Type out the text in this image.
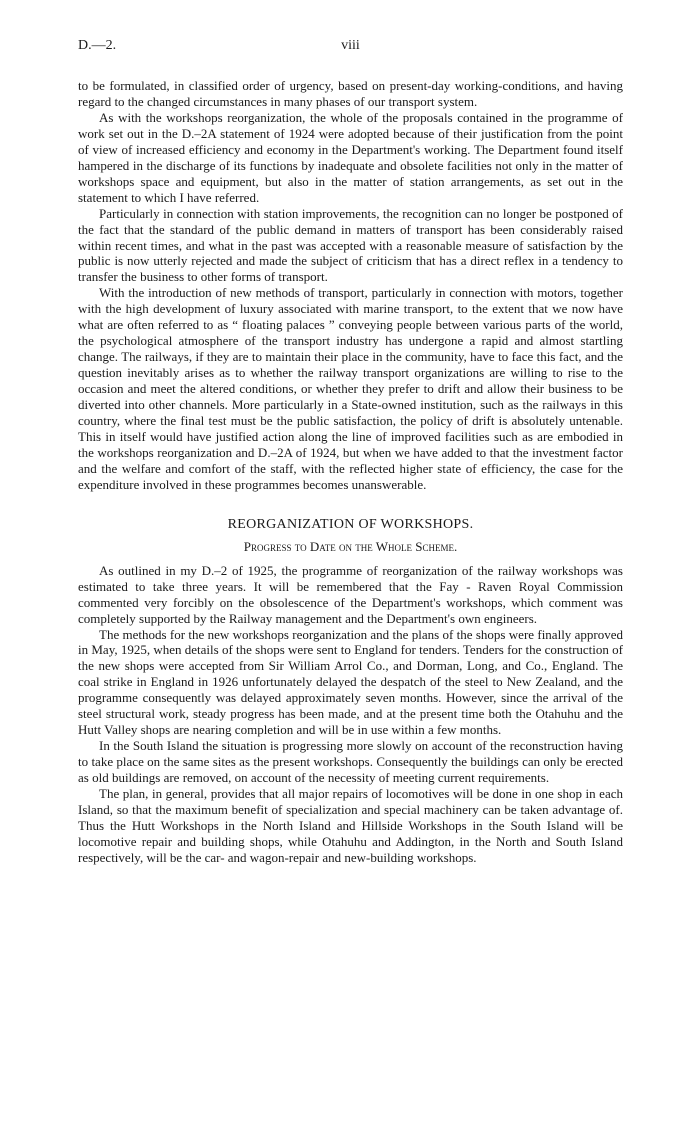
D.—2.	viii

to be formulated, in classified order of urgency, based on present-day working-conditions, and having regard to the changed circumstances in many phases of our transport system.

As with the workshops reorganization, the whole of the proposals contained in the programme of work set out in the D.–2A statement of 1924 were adopted because of their justification from the point of view of increased efficiency and economy in the Department's working. The Department found itself hampered in the discharge of its functions by inadequate and obsolete facilities not only in the matter of workshops space and equipment, but also in the matter of station arrangements, as set out in the statement to which I have referred.

Particularly in connection with station improvements, the recognition can no longer be postponed of the fact that the standard of the public demand in matters of transport has been considerably raised within recent times, and what in the past was accepted with a reasonable measure of satisfaction by the public is now utterly rejected and made the subject of criticism that has a direct reflex in a tendency to transfer the business to other forms of transport.

With the introduction of new methods of transport, particularly in connection with motors, together with the high development of luxury associated with marine transport, to the extent that we now have what are often referred to as “ floating palaces ” conveying people between various parts of the world, the psychological atmosphere of the transport industry has undergone a rapid and almost startling change. The railways, if they are to maintain their place in the community, have to face this fact, and the question inevitably arises as to whether the railway transport organizations are willing to rise to the occasion and meet the altered conditions, or whether they prefer to drift and allow their business to be diverted into other channels. More particularly in a State-owned institution, such as the railways in this country, where the final test must be the public satisfaction, the policy of drift is absolutely untenable. This in itself would have justified action along the line of improved facilities such as are embodied in the workshops reorganization and D.–2A of 1924, but when we have added to that the investment factor and the welfare and comfort of the staff, with the reflected higher state of efficiency, the case for the expenditure involved in these programmes becomes unanswerable.

REORGANIZATION OF WORKSHOPS.
Progress to Date on the Whole Scheme.

As outlined in my D.–2 of 1925, the programme of reorganization of the railway workshops was estimated to take three years. It will be remembered that the Fay - Raven Royal Commission commented very forcibly on the obsolescence of the Department's workshops, which comment was completely supported by the Railway management and the Department's own engineers.

The methods for the new workshops reorganization and the plans of the shops were finally approved in May, 1925, when details of the shops were sent to England for tenders. Tenders for the construction of the new shops were accepted from Sir William Arrol Co., and Dorman, Long, and Co., England. The coal strike in England in 1926 unfortunately delayed the despatch of the steel to New Zealand, and the programme consequently was delayed approximately seven months. However, since the arrival of the steel structural work, steady progress has been made, and at the present time both the Otahuhu and the Hutt Valley shops are nearing completion and will be in use within a few months.

In the South Island the situation is progressing more slowly on account of the reconstruction having to take place on the same sites as the present workshops. Consequently the buildings can only be erected as old buildings are removed, on account of the necessity of meeting current requirements.

The plan, in general, provides that all major repairs of locomotives will be done in one shop in each Island, so that the maximum benefit of specialization and special machinery can be taken advantage of. Thus the Hutt Workshops in the North Island and Hillside Workshops in the South Island will be locomotive repair and building shops, while Otahuhu and Addington, in the North and South Island respectively, will be the car- and wagon-repair and new-building workshops.
